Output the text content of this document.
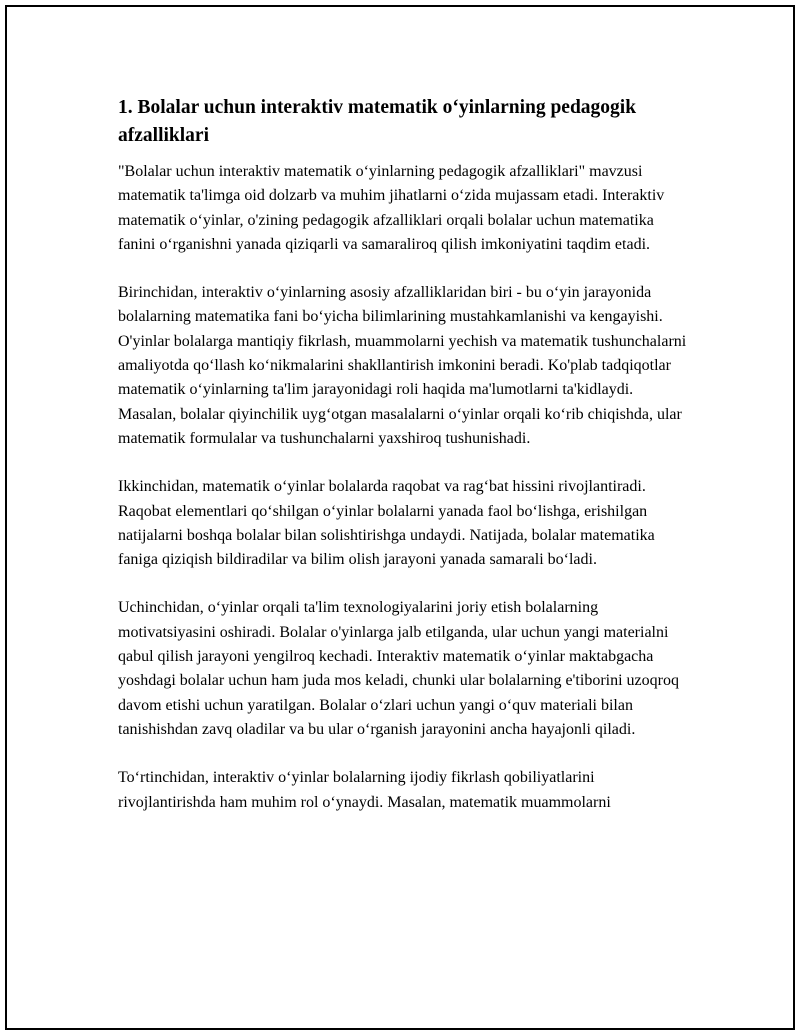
1. Bolalar uchun interaktiv matematik o‘yinlarning pedagogik afzalliklari

"Bolalar uchun interaktiv matematik o‘yinlarning pedagogik afzalliklari" mavzusi matematik ta'limga oid dolzarb va muhim jihatlarni o‘zida mujassam etadi. Interaktiv matematik o‘yinlar, o'zining pedagogik afzalliklari orqali bolalar uchun matematika fanini o‘rganishni yanada qiziqarli va samaraliroq qilish imkoniyatini taqdim etadi.

Birinchidan, interaktiv o‘yinlarning asosiy afzalliklaridan biri - bu o‘yin jarayonida bolalarning matematika fani bo‘yicha bilimlarining mustahkamlanishi va kengayishi. O'yinlar bolalarga mantiqiy fikrlash, muammolarni yechish va matematik tushunchalarni amaliyotda qo‘llash ko‘nikmalarini shakllantirish imkonini beradi. Ko'plab tadqiqotlar matematik o‘yinlarning ta'lim jarayonidagi roli haqida ma'lumotlarni ta'kidlaydi. Masalan, bolalar qiyinchilik uyg‘otgan masalalarni o‘yinlar orqali ko‘rib chiqishda, ular matematik formulalar va tushunchalarni yaxshiroq tushunishadi.

Ikkinchidan, matematik o‘yinlar bolalarda raqobat va rag‘bat hissini rivojlantiradi. Raqobat elementlari qo‘shilgan o‘yinlar bolalarni yanada faol bo‘lishga, erishilgan natijalarni boshqa bolalar bilan solishtirishga undaydi. Natijada, bolalar matematika faniga qiziqish bildiradilar va bilim olish jarayoni yanada samarali bo‘ladi.

Uchinchidan, o‘yinlar orqali ta'lim texnologiyalarini joriy etish bolalarning motivatsiyasini oshiradi. Bolalar o'yinlarga jalb etilganda, ular uchun yangi materialni qabul qilish jarayoni yengilroq kechadi. Interaktiv matematik o‘yinlar maktabgacha yoshdagi bolalar uchun ham juda mos keladi, chunki ular bolalarning e'tiborini uzoqroq davom etishi uchun yaratilgan. Bolalar o‘zlari uchun yangi o‘quv materiali bilan tanishishdan zavq oladilar va bu ular o‘rganish jarayonini ancha hayajonli qiladi.

To‘rtinchidan, interaktiv o‘yinlar bolalarning ijodiy fikrlash qobiliyatlarini rivojlantirishda ham muhim rol o‘ynaydi. Masalan, matematik muammolarni
